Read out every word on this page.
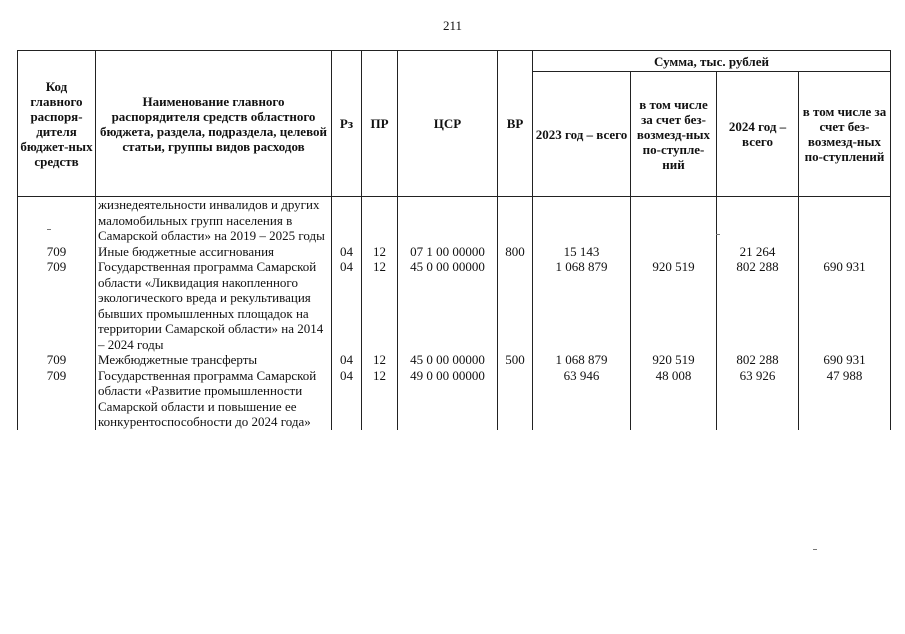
211
Код главного распоря-дителя бюджет-ных средств	Наименование главного распорядителя средств областного бюджета, раздела, подраздела, целевой статьи, группы видов расходов	Рз	ПР	ЦСР	ВР	Сумма, тыс. рублей			
						2023 год – всего	в том числе за счет без-возмезд-ных по-ступле-ний	2024 год – всего	в том числе за счет без-возмезд-ных по-ступлений
	жизнедеятельности инвалидов и других маломобильных групп населения в Самарской области» на 2019 – 2025 годы								
709	Иные бюджетные ассигнования	04	12	07 1 00 00000	800	15 143		21 264	
709	Государственная программа Самарской области «Ликвидация накопленного экологического вреда и рекультивация бывших промышленных площадок на территории Самарской области» на 2014 – 2024 годы	04	12	45 0 00 00000		1 068 879	920 519	802 288	690 931
709	Межбюджетные трансферты	04	12	45 0 00 00000	500	1 068 879	920 519	802 288	690 931
709	Государственная программа Самарской области «Развитие промышленности Самарской области и повышение ее конкурентоспособности до 2024 года»	04	12	49 0 00 00000		63 946	48 008	63 926	47 988
